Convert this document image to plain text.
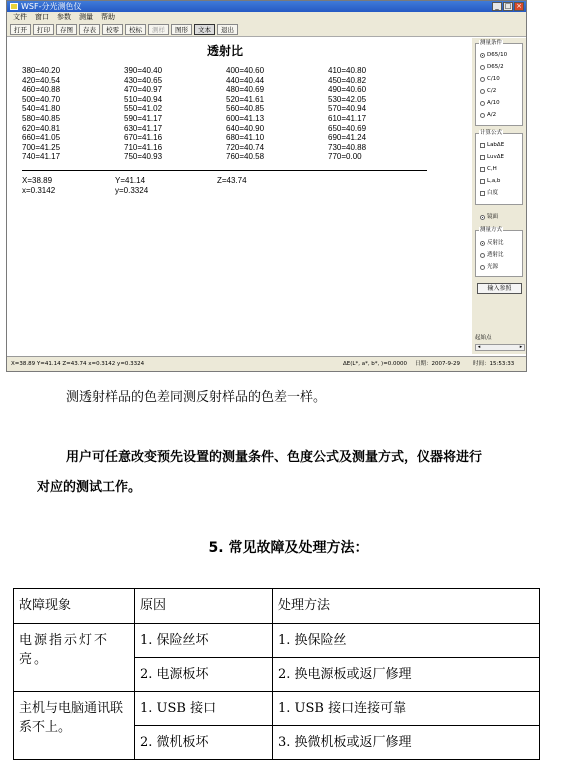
WSF-分光测色仪	_ □ ×
文件 窗口 参数 测量 帮助
打开	打印	存图	存表	校零	校标	测样	图形	文本	退出
透射比
380=40.20	390=40.40	400=40.60	410=40.80
420=40.54	430=40.65	440=40.44	450=40.82
460=40.88	470=40.97	480=40.69	490=40.60
500=40.70	510=40.94	520=41.61	530=42.05
540=41.80	550=41.02	560=40.85	570=40.94
580=40.85	590=41.17	600=41.13	610=41.17
620=40.81	630=41.17	640=40.90	650=40.69
660=41.05	670=41.16	680=41.10	690=41.24
700=41.25	710=41.16	720=40.74	730=40.88
740=41.17	750=40.93	760=40.58	770=0.00
X=38.89	Y=41.14	Z=43.74
x=0.3142	y=0.3324
测量条件
D65/10
D65/2
C/10
C/2
A/10
A/2
计算公式
LabΔE
LuvΔE
C,H
L,a,b
白度
镜面
测量方式
反射比
透射比
光源
输入参照
起始点
◂	▸
X=38.89 Y=41.14 Z=43.74 x=0.3142 y=0.3324	ΔE(L*, a*, b*, )=0.0000 日期：2007-9-29 时间：15:53:33
测透射样品的色差同测反射样品的色差一样。
用户可任意改变预先设置的测量条件、色度公式及测量方式，仪器将进行
对应的测试工作。
5. 常见故障及处理方法：
故障现象	原因	处理方法

电源指示灯不亮。	1. 保险丝坏	1. 换保险丝

	2. 电源板坏	2. 换电源板或返厂修理

主机与电脑通讯联系不上。	1. USB 接口	1. USB 接口连接可靠

	2. 微机板坏	3. 换微机板或返厂修理
